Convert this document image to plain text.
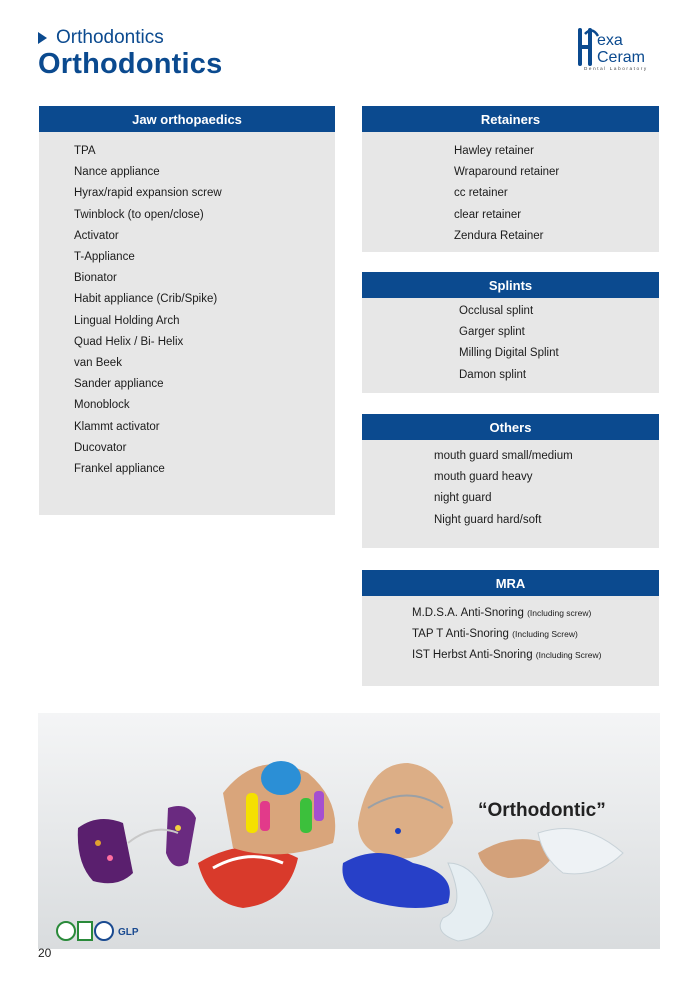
Orthodontics
Orthodontics
exa
Ceram
Dental Laboratory
Jaw orthopaedics
TPA
Nance appliance
Hyrax/rapid expansion screw
Twinblock (to open/close)
Activator
T-Appliance
Bionator
Habit appliance (Crib/Spike)
Lingual Holding Arch
Quad Helix / Bi- Helix
van Beek
Sander appliance
Monoblock
Klammt activator
Ducovator
Frankel appliance
Retainers
Hawley retainer
Wraparound retainer
cc retainer
clear retainer
Zendura Retainer
Splints
Occlusal splint
Garger splint
Milling Digital Splint
Damon splint
Others
mouth guard small/medium
mouth guard heavy
night guard
Night guard hard/soft
MRA
M.D.S.A. Anti-Snoring (Including screw)
TAP T Anti-Snoring (Including Screw)
IST Herbst Anti-Snoring (Including Screw)
“Orthodontic”
GLP
20
